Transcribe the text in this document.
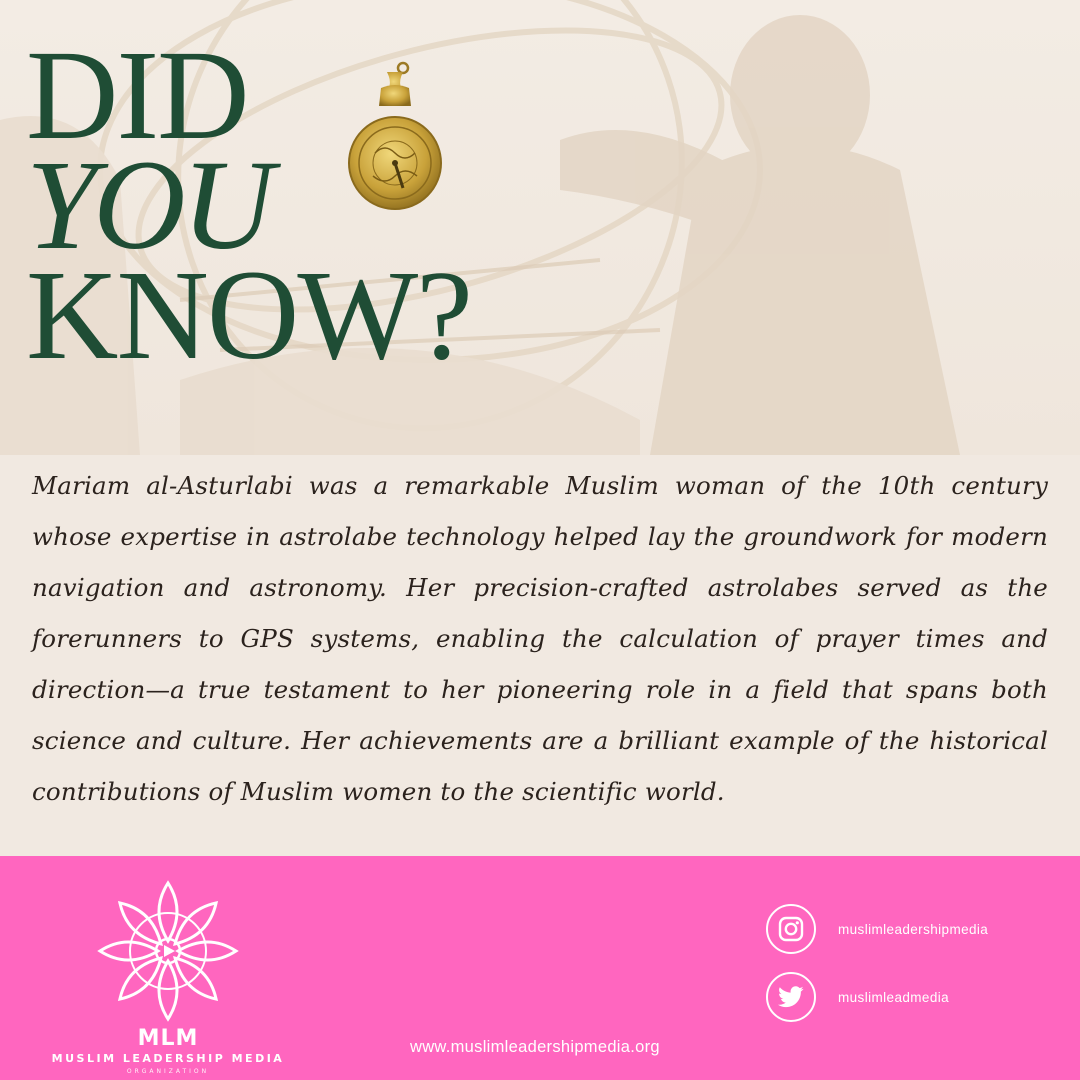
DID
YOU
KNOW?

Mariam al-Asturlabi was a remarkable Muslim woman of the 10th century whose expertise in astrolabe technology helped lay the groundwork for modern navigation and astronomy. Her precision-crafted astrolabes served as the forerunners to GPS systems, enabling the calculation of prayer times and direction—a true testament to her pioneering role in a field that spans both science and culture. Her achievements are a brilliant example of the historical contributions of Muslim women to the scientific world.

MLM
MUSLIM LEADERSHIP MEDIA
ORGANIZATION
www.muslimleadershipmedia.org
muslimleadershipmedia
muslimleadmedia
